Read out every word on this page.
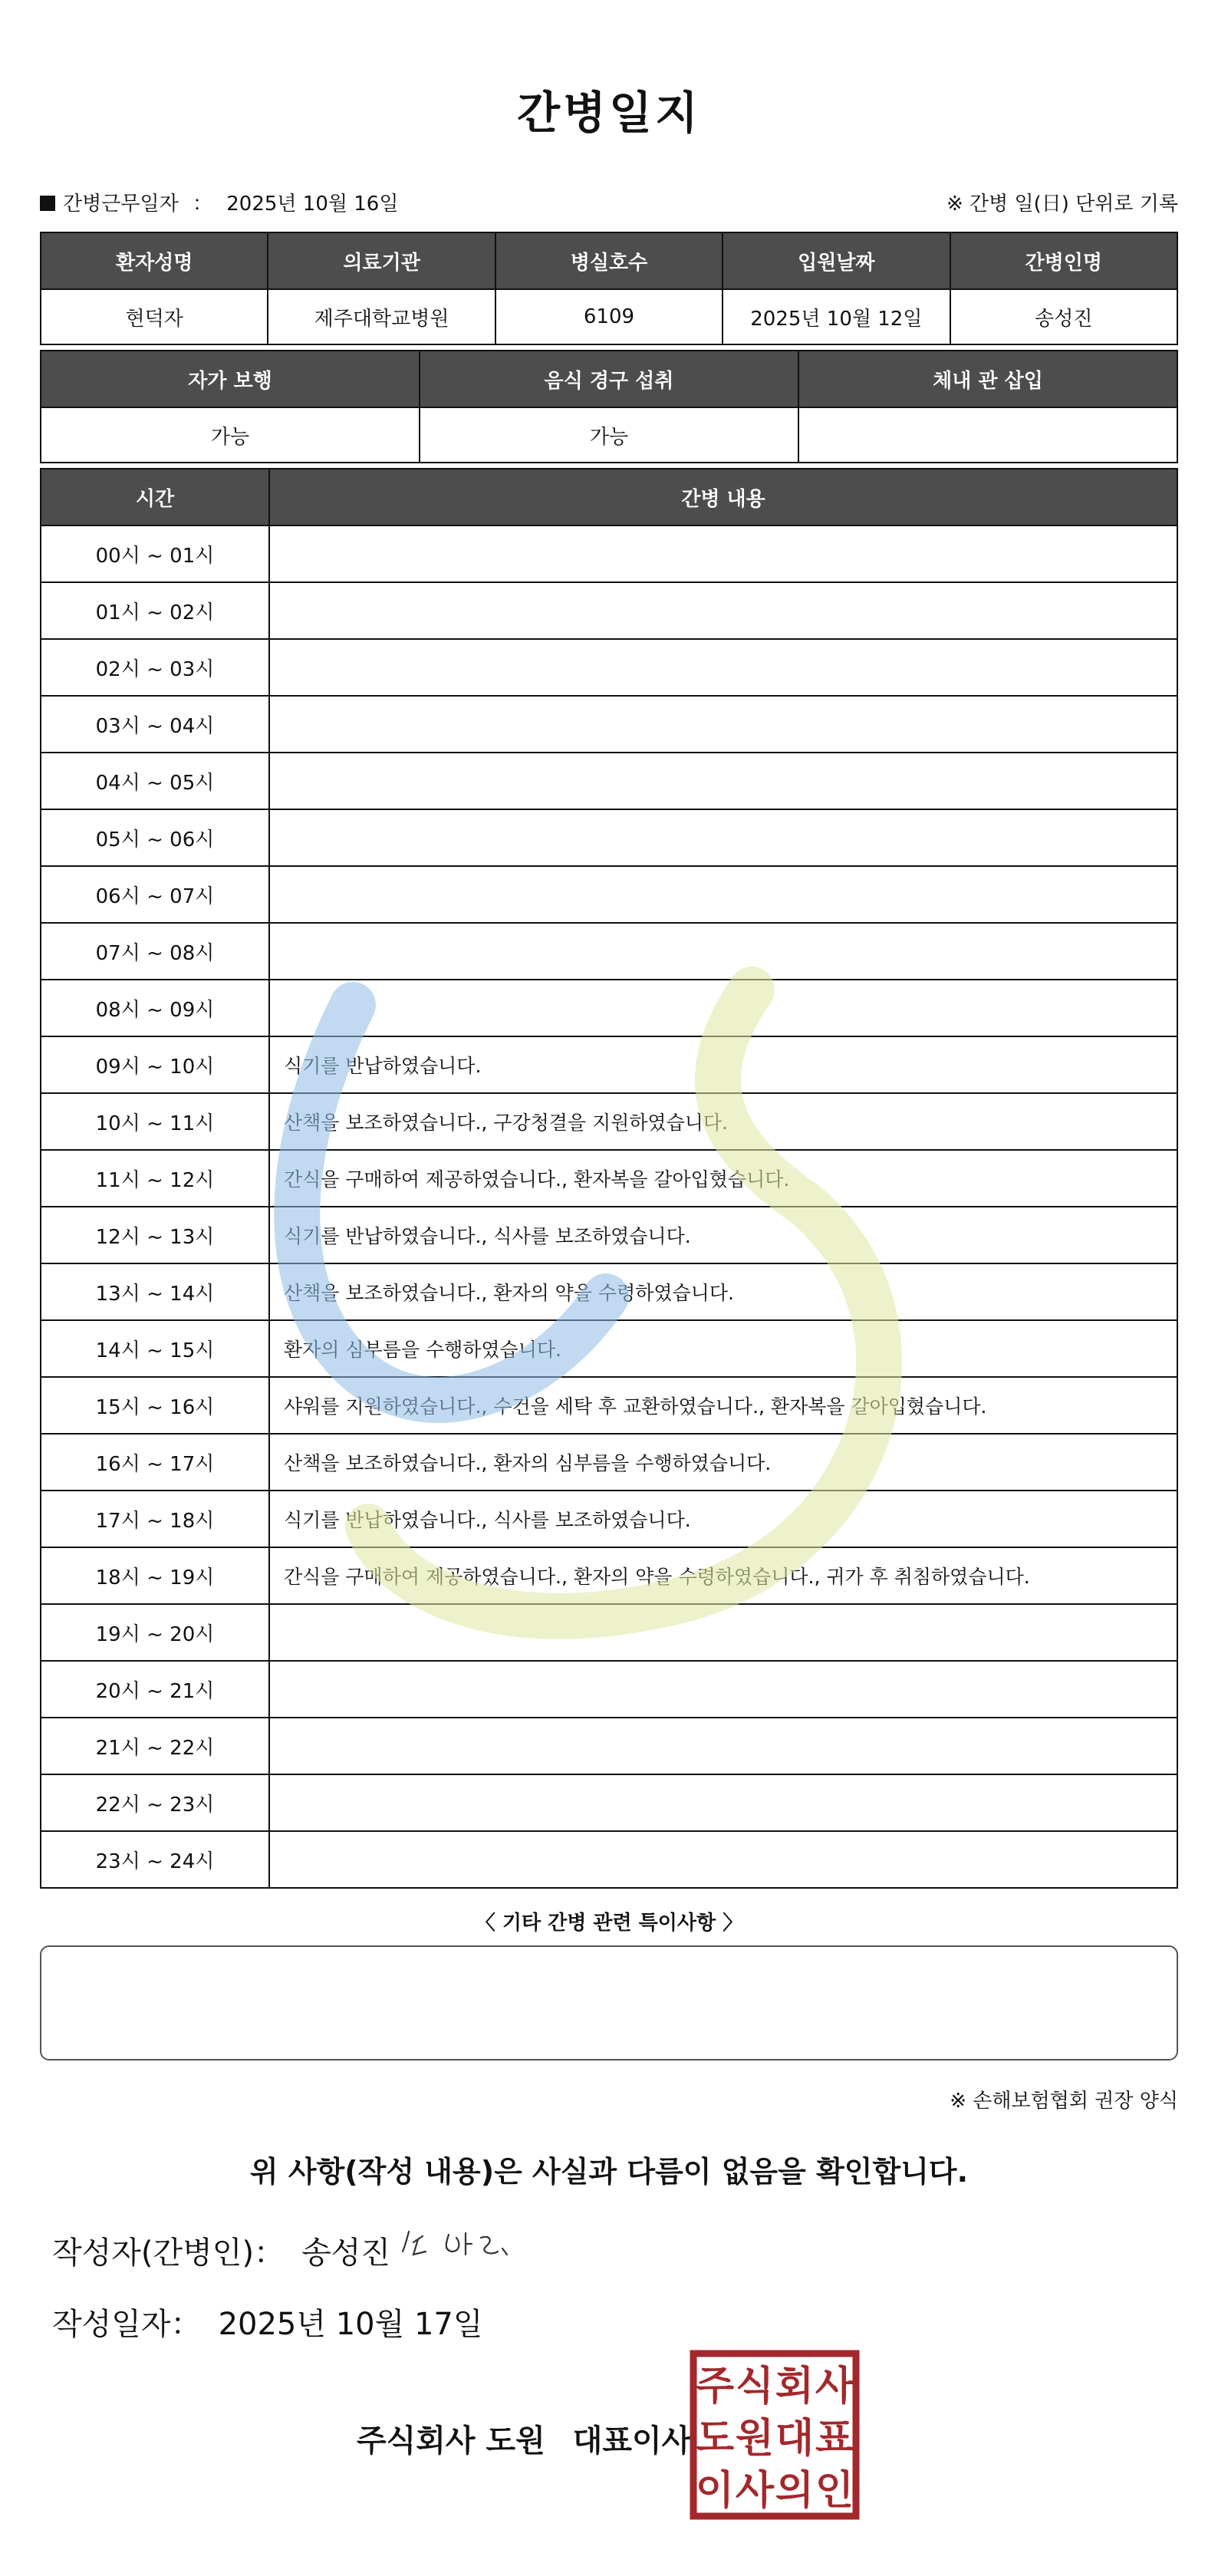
간병일지
간병근무일자 ： 2025년 10월 16일	※ 간병 일(日) 단위로 기록
환자성명	의료기관	병실호수	입원날짜	간병인명
현덕자	제주대학교병원	6109	2025년 10월 12일	송성진
자가 보행	음식 경구 섭취	체내 관 삽입
가능	가능	
시간	간병 내용
00시 ~ 01시	
01시 ~ 02시	
02시 ~ 03시	
03시 ~ 04시	
04시 ~ 05시	
05시 ~ 06시	
06시 ~ 07시	
07시 ~ 08시	
08시 ~ 09시	
09시 ~ 10시	식기를 반납하였습니다.
10시 ~ 11시	산책을 보조하였습니다., 구강청결을 지원하였습니다.
11시 ~ 12시	간식을 구매하여 제공하였습니다., 환자복을 갈아입혔습니다.
12시 ~ 13시	식기를 반납하였습니다., 식사를 보조하였습니다.
13시 ~ 14시	산책을 보조하였습니다., 환자의 약을 수령하였습니다.
14시 ~ 15시	환자의 심부름을 수행하였습니다.
15시 ~ 16시	샤워를 지원하였습니다., 수건을 세탁 후 교환하였습니다., 환자복을 갈아입혔습니다.
16시 ~ 17시	산책을 보조하였습니다., 환자의 심부름을 수행하였습니다.
17시 ~ 18시	식기를 반납하였습니다., 식사를 보조하였습니다.
18시 ~ 19시	간식을 구매하여 제공하였습니다., 환자의 약을 수령하였습니다., 귀가 후 취침하였습니다.
19시 ~ 20시	
20시 ~ 21시	
21시 ~ 22시	
22시 ~ 23시	
23시 ~ 24시	
〈 기타 간병 관련 특이사항 〉
※ 손해보험협회 권장 양식
위 사항(작성 내용)은 사실과 다름이 없음을 확인합니다.
작성자(간병인)： 송성진
작성일자： 2025년 10월 17일
주식회사 도원 대표이사
주 식 회 사
도 원 대 표
이 사 의 인
